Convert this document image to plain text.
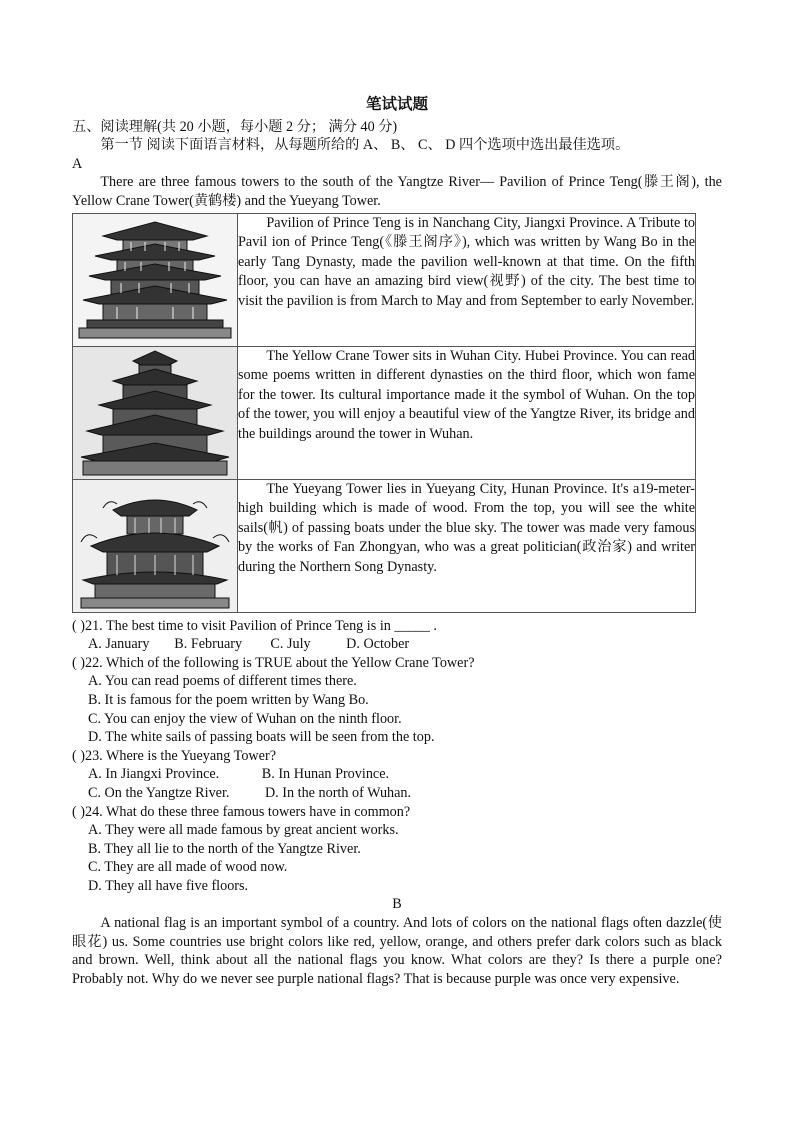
笔试试题

五、阅读理解(共 20 小题，每小题 2 分； 满分 40 分)

第一节 阅读下面语言材料，从每题所给的 A、 B、 C、 D 四个选项中选出最佳选项。

A

There are three famous towers to the south of the Yangtze River— Pavilion of Prince Teng(滕王阁), the Yellow Crane Tower(黄鹤楼) and the Yueyang Tower.

Pavilion of Prince Teng is in Nanchang City, Jiangxi Province. A Tribute to Pavil ion of Prince Teng(《滕王阁序》), which was written by Wang Bo in the early Tang Dynasty, made the pavilion well-known at that time. On the fifth floor, you can have an amazing bird view(视野) of the city. The best time to visit the pavilion is from March to May and from September to early November.

The Yellow Crane Tower sits in Wuhan City. Hubei Province. You can read some poems written in different dynasties on the third floor, which won fame for the tower. Its cultural importance made it the symbol of Wuhan. On the top of the tower, you will enjoy a beautiful view of the Yangtze River, its bridge and the buildings around the tower in Wuhan.

The Yueyang Tower lies in Yueyang City, Hunan Province. It's a19-meter-high building which is made of wood. From the top, you will see the white sails(帆) of passing boats under the blue sky. The tower was made very famous by the works of Fan Zhongyan, who was a great politician(政治家) and writer during the Northern Song Dynasty.

( )21. The best time to visit Pavilion of Prince Teng is in _____ .

A. January       B. February        C. July          D. October

( )22. Which of the following is TRUE about the Yellow Crane Tower?

A. You can read poems of different times there.

B. It is famous for the poem written by Wang Bo.

C. You can enjoy the view of Wuhan on the ninth floor.

D. The white sails of passing boats will be seen from the top.

( )23. Where is the Yueyang Tower?

A. In Jiangxi Province.            B. In Hunan Province.

C. On the Yangtze River.          D. In the north of Wuhan.

( )24. What do these three famous towers have in common?

A. They were all made famous by great ancient works.

B. They all lie to the north of the Yangtze River.

C. They are all made of wood now.

D. They all have five floors.

B

A national flag is an important symbol of a country. And lots of colors on the national flags often dazzle(使眼花) us. Some countries use bright colors like red, yellow, orange, and others prefer dark colors such as black and brown. Well, think about all the national flags you know. What colors are they? Is there a purple one? Probably not. Why do we never see purple national flags? That is because purple was once very expensive.
